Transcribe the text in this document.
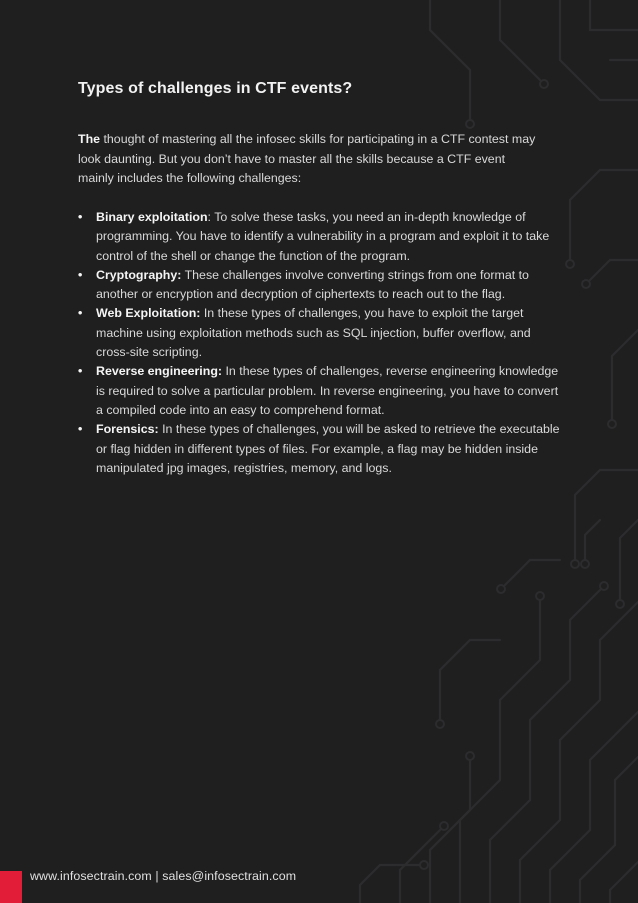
Types of challenges in CTF events?

The thought of mastering all the infosec skills for participating in a CTF contest may look daunting. But you don’t have to master all the skills because a CTF event mainly includes the following challenges:

•	Binary exploitation: To solve these tasks, you need an in-depth knowledge of programming. You have to identify a vulnerability in a program and exploit it to take control of the shell or change the function of the program.
•	Cryptography: These challenges involve converting strings from one format to another or encryption and decryption of ciphertexts to reach out to the flag.
•	Web Exploitation: In these types of challenges, you have to exploit the target machine using exploitation methods such as SQL injection, buffer overflow, and cross-site scripting.
•	Reverse engineering: In these types of challenges, reverse engineering knowledge is required to solve a particular problem. In reverse engineering, you have to convert a compiled code into an easy to comprehend format.
•	Forensics: In these types of challenges, you will be asked to retrieve the executable or flag hidden in different types of files. For example, a flag may be hidden inside manipulated jpg images, registries, memory, and logs.
www.infosectrain.com | sales@infosectrain.com
